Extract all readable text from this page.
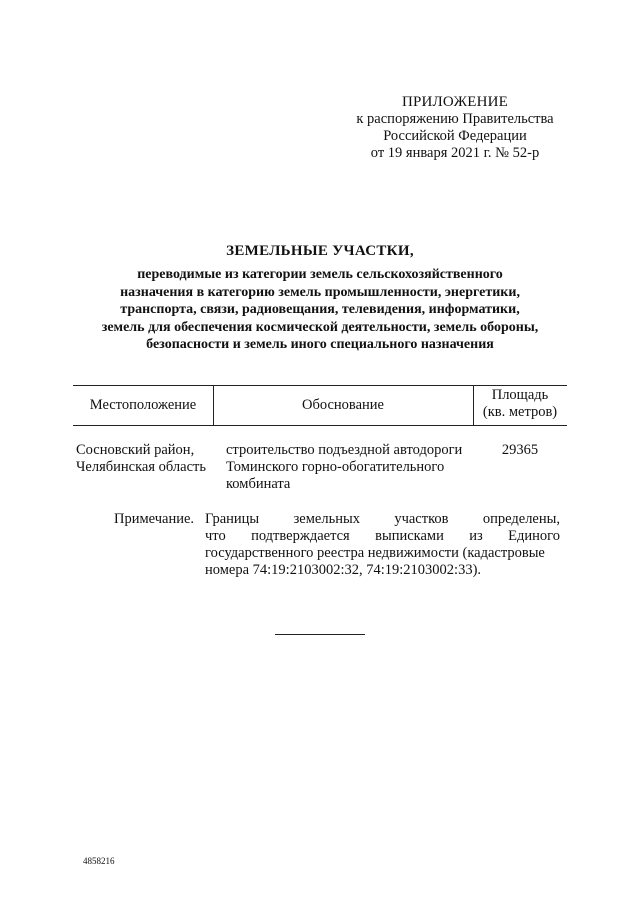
ПРИЛОЖЕНИЕ
к распоряжению Правительства
Российской Федерации
от 19 января 2021 г. № 52-р
ЗЕМЕЛЬНЫЕ УЧАСТКИ,
переводимые из категории земель сельскохозяйственного
назначения в категорию земель промышленности, энергетики,
транспорта, связи, радиовещания, телевидения, информатики,
земель для обеспечения космической деятельности, земель обороны,
безопасности и земель иного специального назначения
Местоположение	Обоснование
Площадь
(кв. метров)
Сосновский район,
Челябинская область
строительство подъездной автодороги
Томинского горно-обогатительного
комбината
29365
Примечание. Границы земельных участков определены,
что подтверждается выписками из Единого
государственного реестра недвижимости (кадастровые
номера 74:19:2103002:32, 74:19:2103002:33).
4858216
